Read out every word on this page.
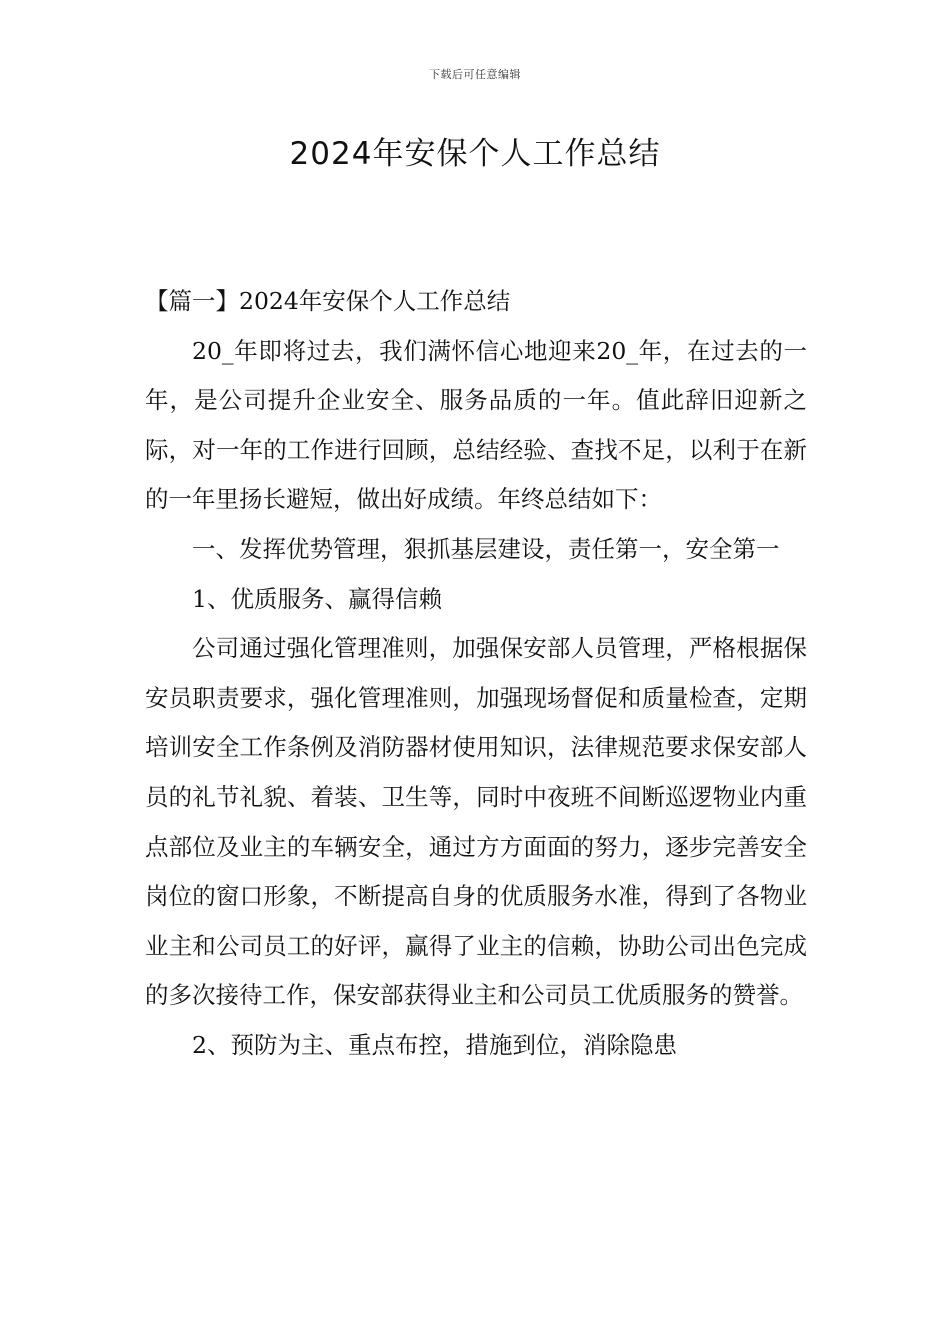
下载后可任意编辑
2024年安保个人工作总结

【篇一】2024年安保个人工作总结

20_年即将过去，我们满怀信心地迎来20_年，在过去的一年，是公司提升企业安全、服务品质的一年。值此辞旧迎新之际，对一年的工作进行回顾，总结经验、查找不足，以利于在新的一年里扬长避短，做出好成绩。年终总结如下：

一、发挥优势管理，狠抓基层建设，责任第一，安全第一

1、优质服务、赢得信赖

公司通过强化管理准则，加强保安部人员管理，严格根据保安员职责要求，强化管理准则，加强现场督促和质量检查，定期培训安全工作条例及消防器材使用知识，法律规范要求保安部人员的礼节礼貌、着装、卫生等，同时中夜班不间断巡逻物业内重点部位及业主的车辆安全，通过方方面面的努力，逐步完善安全岗位的窗口形象，不断提高自身的优质服务水准，得到了各物业业主和公司员工的好评，赢得了业主的信赖，协助公司出色完成的多次接待工作，保安部获得业主和公司员工优质服务的赞誉。

2、预防为主、重点布控，措施到位，消除隐患
